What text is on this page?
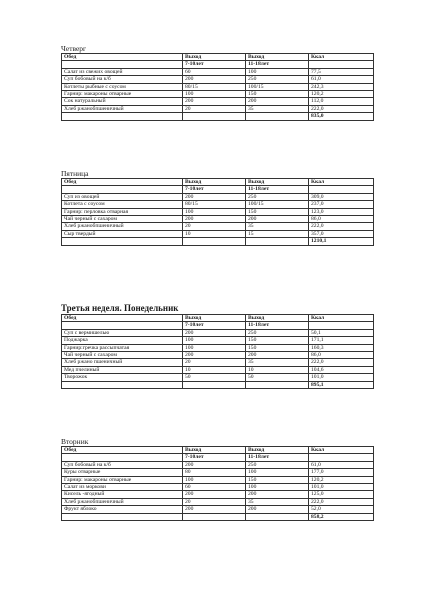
Четверг
Обед	Выход	Выход	Ккал
	7-10лет	11-18лет	
Салат из свежих овощей	60	100	77,5
Суп бобовый на к/б	200	250	61,0
Котлеты рыбные с соусом	80/15	100/15	242,3
Гарнир: макароны отварные	100	150	120,2
Сок натуральный	200	200	112,0
Хлеб ржанобпшеничный	20	35	222,0
			835,0
Пятница
Обед	Выход	Выход	Ккал
	7-10лет	11-18лет	
Суп из овощей	200	250	309,0
Котлета с соусом	80/15	100/15	237,0
Гарнир: перловка отварная	100	150	123,0
Чай черный с сахаром	200	200	86,0
Хлеб ржанобпшеничный	20	35	222,0
Сыр твердый	10	15	357,0
			1210,1
Третья неделя. Понедельник
Обед	Выход	Выход	Ккал
	7-10лет	11-18лет	
Суп с вермишелью	200	250	50,1
Поджарка	100	150	171,1
Гарнир:гречка рассыпчатая	100	150	160,3
Чай черный с сахаром	200	200	86,0
Хлеб ржано пшеничный	20	35	222,0
Мед пчелиный	10	10	104,6
Творожок	50	50	101,0
			895,1
Вторник
Обед	Выход	Выход	Ккал
	7-10лет	11-18лет	
Суп бобовый на к/б	200	250	61,0
Куры отварные	80	100	177,0
Гарнир: макароны отварные	100	150	120,2
Салат из моркови	60	100	101,0
Кисель -ягодный	200	200	125,0
Хлеб ржанобпшеничный	20	35	222,0
Фрукт яблоко	200	200	52,0
			858,2
